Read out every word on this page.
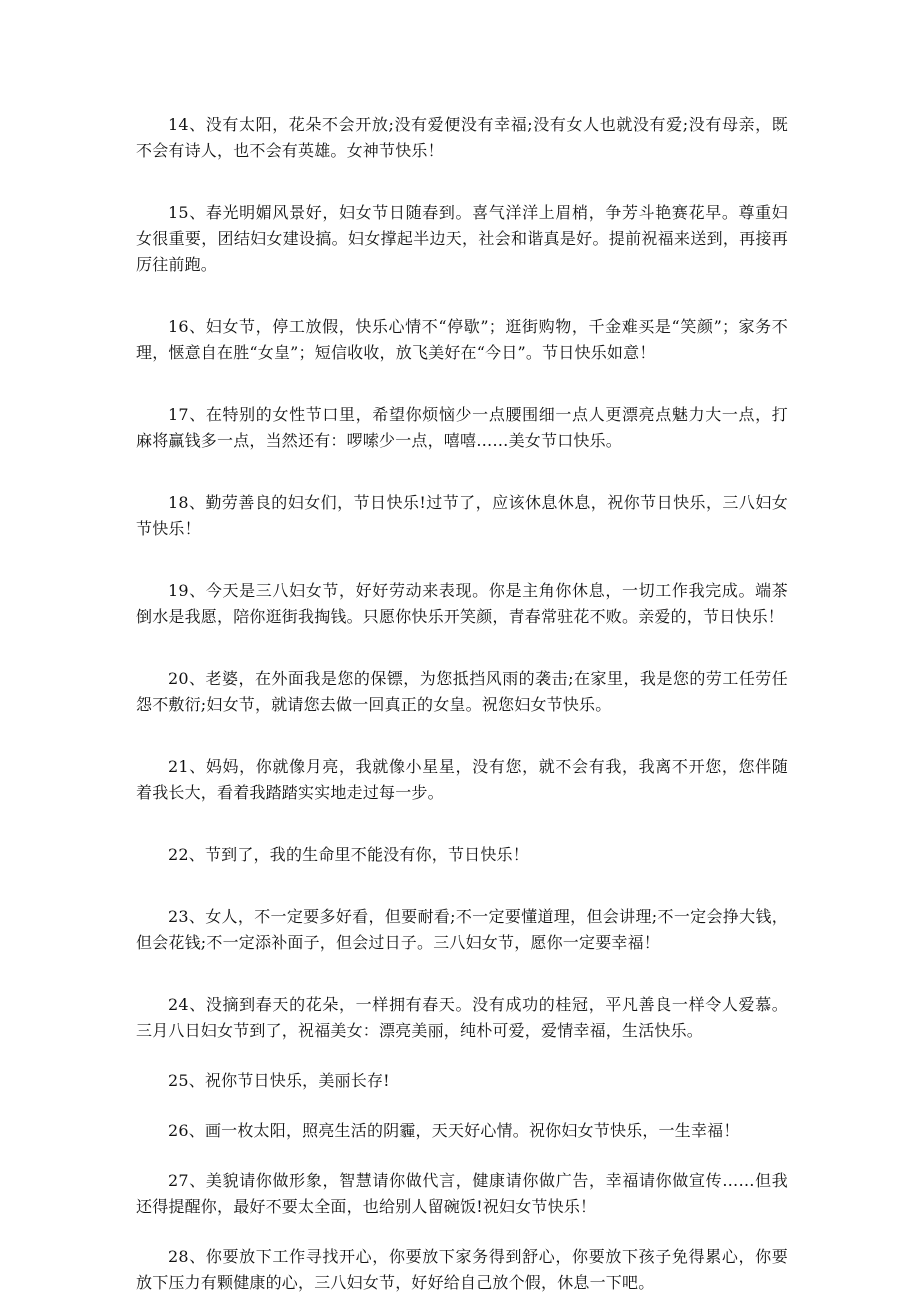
14、没有太阳，花朵不会开放;没有爱便没有幸福;没有女人也就没有爱;没有母亲，既不会有诗人，也不会有英雄。女神节快乐！

15、春光明媚风景好，妇女节日随春到。喜气洋洋上眉梢，争芳斗艳赛花早。尊重妇女很重要，团结妇女建设搞。妇女撑起半边天，社会和谐真是好。提前祝福来送到，再接再厉往前跑。

16、妇女节，停工放假，快乐心情不“停歇”；逛街购物，千金难买是“笑颜”；家务不理，惬意自在胜“女皇”；短信收收，放飞美好在“今日”。节日快乐如意！

17、在特别的女性节口里，希望你烦恼少一点腰围细一点人更漂亮点魅力大一点，打麻将赢钱多一点，当然还有：啰嗦少一点，嘻嘻……美女节口快乐。

18、勤劳善良的妇女们，节日快乐!过节了，应该休息休息，祝你节日快乐，三八妇女节快乐！

19、今天是三八妇女节，好好劳动来表现。你是主角你休息，一切工作我完成。端茶倒水是我愿，陪你逛街我掏钱。只愿你快乐开笑颜，青春常驻花不败。亲爱的，节日快乐！

20、老婆，在外面我是您的保镖，为您抵挡风雨的袭击;在家里，我是您的劳工任劳任怨不敷衍;妇女节，就请您去做一回真正的女皇。祝您妇女节快乐。

21、妈妈，你就像月亮，我就像小星星，没有您，就不会有我，我离不开您，您伴随着我长大，看着我踏踏实实地走过每一步。

22、节到了，我的生命里不能没有你，节日快乐！

23、女人，不一定要多好看，但要耐看;不一定要懂道理，但会讲理;不一定会挣大钱，但会花钱;不一定添补面子，但会过日子。三八妇女节，愿你一定要幸福！

24、没摘到春天的花朵，一样拥有春天。没有成功的桂冠，平凡善良一样令人爱慕。三月八日妇女节到了，祝福美女：漂亮美丽，纯朴可爱，爱情幸福，生活快乐。

25、祝你节日快乐，美丽长存!

26、画一枚太阳，照亮生活的阴霾，天天好心情。祝你妇女节快乐，一生幸福！

27、美貌请你做形象，智慧请你做代言，健康请你做广告，幸福请你做宣传……但我还得提醒你，最好不要太全面，也给别人留碗饭!祝妇女节快乐！

28、你要放下工作寻找开心，你要放下家务得到舒心，你要放下孩子免得累心，你要放下压力有颗健康的心，三八妇女节，好好给自己放个假，休息一下吧。
